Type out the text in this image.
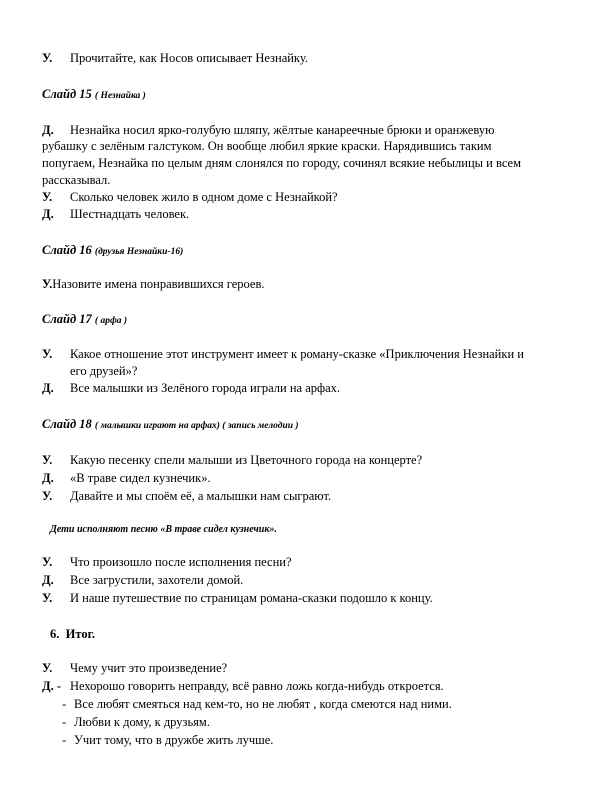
У. Прочитайте, как Носов описывает Незнайку.
Слайд 15 ( Незнайка )
Д. Незнайка носил ярко-голубую шляпу, жёлтые канареечные брюки и оранжевую
рубашку с зелёным галстуком. Он вообще любил яркие краски. Нарядившись таким
попугаем, Незнайка по целым дням слонялся по городу, сочинял всякие небылицы и всем
рассказывал.
У. Сколько человек жило в одном доме с Незнайкой?
Д. Шестнадцать человек.
Слайд 16 (друзья Незнайки-16)
У.Назовите имена понравившихся героев.
Слайд 17 ( арфа )
У. Какое отношение этот инструмент имеет к роману-сказке «Приключения Незнайки и
его друзей»?
Д. Все малышки из Зелёного города играли на арфах.
Слайд 18 ( малышки играют на арфах) ( запись мелодии )
У. Какую песенку спели малыши из Цветочного города на концерте?
Д. «В траве сидел кузнечик».
У. Давайте и мы споём её, а малышки нам сыграют.
Дети исполняют песню «В траве сидел кузнечик».
У. Что произошло после исполнения песни?
Д. Все загрустили, захотели домой.
У. И наше путешествие по страницам романа-сказки подошло к концу.
6. Итог.
У. Чему учит это произведение?
Д. - Нехорошо говорить неправду, всё равно ложь когда-нибудь откроется.
- Все любят смеяться над кем-то, но не любят , когда смеются над ними.
- Любви к дому, к друзьям.
- Учит тому, что в дружбе жить лучше.
